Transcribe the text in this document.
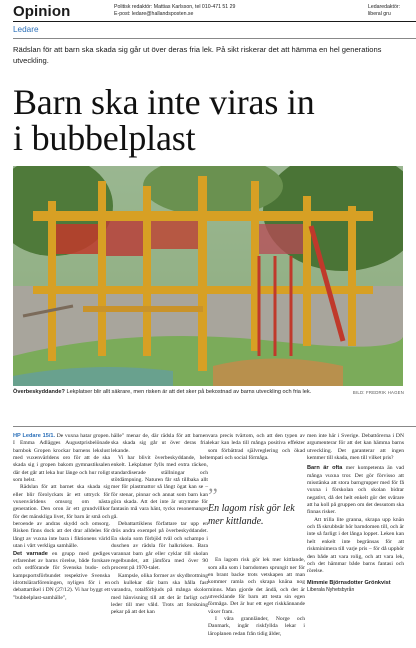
Opinion	Politisk redaktör: Mattias Karlsson, tel 010-471 51 29
E-post: ledare@hallandsposten.se
Ledaredaktör:
liberal gru

Ledare

Rädslan för att barn ska skada sig går ut över deras fria lek. På sikt riskerar det att hämma en hel generations utveckling.

Barn ska inte viras in
i bubbelplast
BILD: FREDRIK HAGEN
Överbeskyddande? Lekplatser blir allt säkrare, men risken är att det sker på bekostnad av barns utveckling och fria lek.

HP Ledare 15/1. De vuxna hatar gropen. I Emma Adlägges Augustprisbelönade barnbok Gropen krockar barnens lekslust med vuxenvärldens oro för att de ska skada sig i gropen bakom gymnastiksalen där det går att leka hur länge och hur roligt som helst.

Rädslan för att barnet ska skada sig eller blir förolyckats är ett uttryck för vuxenvärldens omsorg om nästa generation. Den oron är ett grundvillkor för det mänskliga livet, för barn är små och beroende av andras skydd och omsorg. Risken finns dock att det drar alldeles för långt av vuxna inte bara i fiktionens värld utan i vårt verkliga samhälle.

Det varnade en grupp med gediges erfarenhet av barns rörelse, både forskare och ordförande för Svenska budo- och kampsportsförbundet respektive Svenska idrottslärarföreningen, nyligen för i en debattartikel i DN (27/12). Vi har byggt ett "bubbelplast-samhälle",

hälle" menar de, där rädsla för att barnen ska skada sig går ut över deras fria lekande.

Vi har blivit överbeskyddande, helt enkelt. Lekplatser fylls med extra räcken, standardiserade ställningar och stötdämpning. Naturen får stå tillbaka allt mer för plastmattor så långt ögat kan se – för stenar, pinnar och annat som barn kan göra skada. Att det inte är utrymme för fantasin må vara hänt, tycks resonemanget gå.

Debattartiklens författare tar upp en drös andra exempel på överbeskyddandet. En skola som förbjöd tvål och schampo i duschen av rädsla för halkrisken. Bara varannat barn går eller cyklar till skolan regelbundet, att jämföra med över 90 procent på 1970-talet.

Kampsle, olika former av skydbrottning och kullekar där barn ska hålla fast varandra, totalförbjuds på många skolor med hänvisning till att det är farligt och leder till mer våld. Trots att forskning pekar på att det kan

vara precis tvärtom, och att den typen av lekar kan leda till många positiva effekter som förbättrad självreglering och ökad empati och social förmåga.

En lagom risk gör lek mer kittlande, som alla som i barndomen sprungit ner för en brant backe trots vetskapen att man kommer ramla och skrapa knäna nog minns. Man gjorde det ändå, och det är utvecklande för barn att testa sin egen förmåga. Det är hur ett eget riskkännande växer fram.

I våra grannländer, Norge och Danmark, ingår riskfyllda lekar i läroplanen redan från tidig ålder,

”

En lagom risk gör lek mer kittlande.

men inte här i Sverige. Debattörerna i DN argumenterar för att det kan hämma barns utveckling. Det garanterar att ingen kemmer till skada, men till vilket pris?

Barn är ofta mer kompetenta än vad många vuxna tror. Det gör förvisso att misstänka att stora barngrupper med för få vuxna i förskolan och skolan bidrar negativt, då det helt enkelt gör det svårare att ha koll på gruppen om det dessutom ska finnas risker.

Att trilla lite granna, skrapa upp knän och få skrubbsår hör barndomen till, och är inte så farligt i det långa loppet. Leken kan helt enkelt inte begränsas för att riskminimera till varje pris – för då upphör den både att vara rolig, och att vara lek, och det hämmar både barns fantasi och rörelse.

Mimmie Björnsdotter Grönkvist
Liberala Nyhetsbyrån
